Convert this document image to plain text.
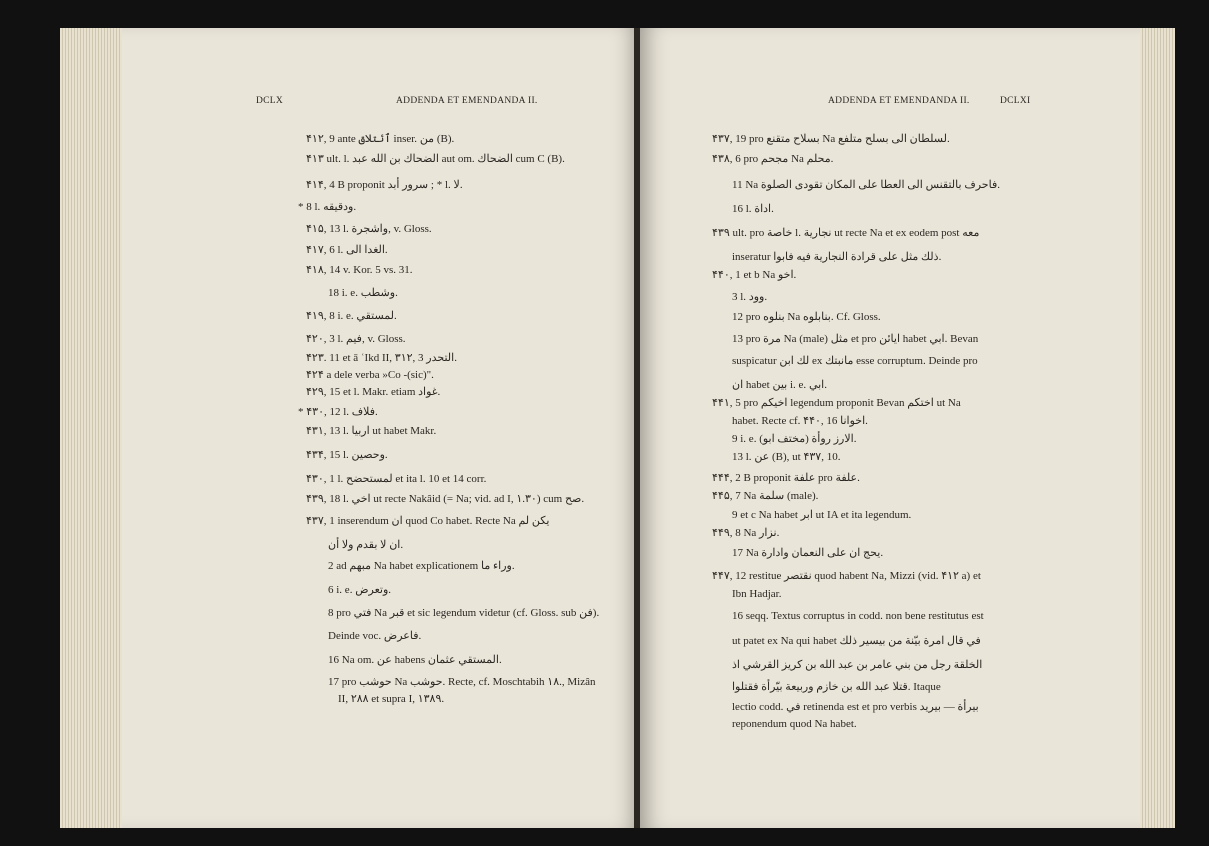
DCLX	ADDENDA ET EMENDANDA II.
۴۱۲, 9 ante ٱئتلاق inser. من (B).
۴۱۳ ult. l. الضحاك بن الله عبد aut om. الضحاك cum C (B).
۴۱۴, 4 B proponit سرور أبد ; * l. لا.
* 8 l. ودقيقه.
۴۱۵, 13 l. واشجرة, v. Gloss.
۴۱۷, 6 l. الغدا الى.
۴۱۸, 14 v. Kor. 5 vs. 31.
18 i. e. وشطب.
۴۱۹, 8 i. e. لمستقي.
۴۲۰, 3 l. فيم, v. Gloss.
۴۲۳. 11 et ā ʿIkd II, ۳۱۲, 3 التحدر.
۴۲۴ a dele verba »Co -(sic)".
۴۲۹, 15 et l. Makr. etiam غواد.
* ۴۳۰, 12 l. فلاف.
۴۳۱, 13 l. اربيا ut habet Makr.
۴۳۴, 15 l. وحصين.
۴۳۰, 1 l. لمستحضح et ita l. 10 et 14 corr.
۴۳۹, 18 l. اخي ut recte Nakâid (= Na; vid. ad I, ۱.۳۰) cum صح.
۴۳۷, 1 inserendum ان quod Co habet. Recte Na يكن لم
ان لا بقدم ولا أن.
2 ad مبهم Na habet explicationem وراء ما.
6 i. e. وتعرض.
8 pro فتي Na قبر et sic legendum videtur (cf. Gloss. sub فن).
Deinde voc. فاعرض.
16 Na om. عن habens المستقي عثمان.
17 pro حوشب Na حوشب. Recte, cf. Moschtabih ۱۸., Mizân
II, ۲۸۸ et supra I, ۱۳۸۹.
ADDENDA ET EMENDANDA II.	DCLXI
۴۳۷, 19 pro بسلاح متقنع Na لسلطان الى بسلح متلفع.
۴۳۸, 6 pro مجحم Na محلم.
11 Na فاحرف بالتقنس الى العطا على المكان تقودى الصلوة.
16 l. اداة.
۴۳۹ ult. pro خاصة l. نجارية ut recte Na et ex eodem post معه
inseratur ذلك مثل على قرادة النجارية فيه فابوا.
۴۴۰, 1 et b Na اخو.
3 l. وود.
12 pro بنلوه Na بنابلوه. Cf. Gloss.
13 pro مرة Na (male) مثل et pro ايائن habet ابي. Bevan
suspicatur لك ابن ex مانبتك esse corruptum. Deinde pro
ان habet بين i. e. ابي.
۴۴۱, 5 pro اخيكم legendum proponit Bevan اختكم ut Na
habet. Recte cf. ۴۴۰, 16 اخوانا.
9 i. e. الارز روأة (مختف ابو).
13 l. عن (B), ut ۴۳۷, 10.
۴۴۴, 2 B proponit علفة pro علفة.
۴۴۵, 7 Na سلمة (male).
9 et c Na habet ابر ut IA et ita legendum.
۴۴۹, 8 Na نزار.
17 Na يحج ان على النعمان وادارة.
۴۴۷, 12 restitue نقتصر quod habent Na, Mizzi (vid. ۴۱۲ a) et
Ibn Hadjar.
16 seqq. Textus corruptus in codd. non bene restitutus est
ut patet ex Na qui habet في قال امرة بيّنة من بيسير ذلك
الخلقة رجل من بني عامر بن عبد الله بن كريز القرشي اذ
قتلا عبد الله بن خازم وربيعة بيّرأة فقتلوا. Itaque
lectio codd. في retinenda est et pro verbis بيرأة — بيريد
reponendum quod Na habet.
